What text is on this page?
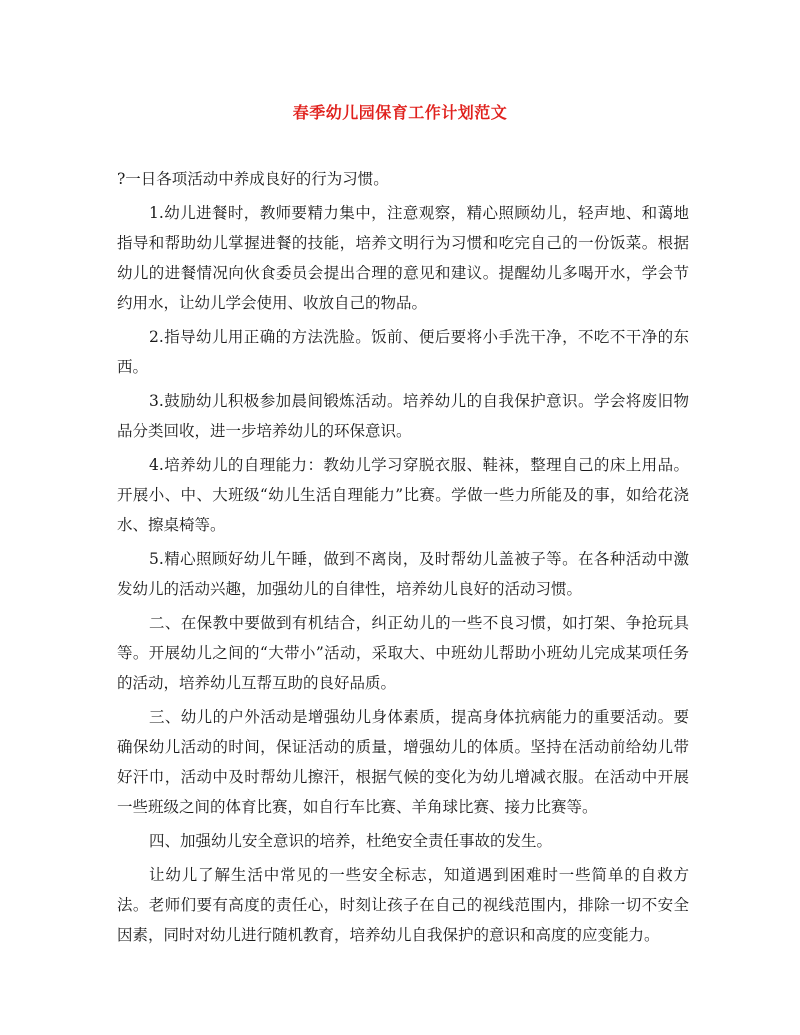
春季幼儿园保育工作计划范文

?一日各项活动中养成良好的行为习惯。

1.幼儿进餐时，教师要精力集中，注意观察，精心照顾幼儿，轻声地、和蔼地指导和帮助幼儿掌握进餐的技能，培养文明行为习惯和吃完自己的一份饭菜。根据幼儿的进餐情况向伙食委员会提出合理的意见和建议。提醒幼儿多喝开水，学会节约用水，让幼儿学会使用、收放自己的物品。

2.指导幼儿用正确的方法洗脸。饭前、便后要将小手洗干净，不吃不干净的东西。

3.鼓励幼儿积极参加晨间锻炼活动。培养幼儿的自我保护意识。学会将废旧物品分类回收，进一步培养幼儿的环保意识。

4.培养幼儿的自理能力：教幼儿学习穿脱衣服、鞋袜，整理自己的床上用品。开展小、中、大班级“幼儿生活自理能力”比赛。学做一些力所能及的事，如给花浇水、擦桌椅等。

5.精心照顾好幼儿午睡，做到不离岗，及时帮幼儿盖被子等。在各种活动中激发幼儿的活动兴趣，加强幼儿的自律性，培养幼儿良好的活动习惯。

二、在保教中要做到有机结合，纠正幼儿的一些不良习惯，如打架、争抢玩具等。开展幼儿之间的“大带小”活动，采取大、中班幼儿帮助小班幼儿完成某项任务的活动，培养幼儿互帮互助的良好品质。

三、幼儿的户外活动是增强幼儿身体素质，提高身体抗病能力的重要活动。要确保幼儿活动的时间，保证活动的质量，增强幼儿的体质。坚持在活动前给幼儿带好汗巾，活动中及时帮幼儿擦汗，根据气候的变化为幼儿增减衣服。在活动中开展一些班级之间的体育比赛，如自行车比赛、羊角球比赛、接力比赛等。

四、加强幼儿安全意识的培养，杜绝安全责任事故的发生。

让幼儿了解生活中常见的一些安全标志，知道遇到困难时一些简单的自救方法。老师们要有高度的责任心，时刻让孩子在自己的视线范围内，排除一切不安全因素，同时对幼儿进行随机教育，培养幼儿自我保护的意识和高度的应变能力。
